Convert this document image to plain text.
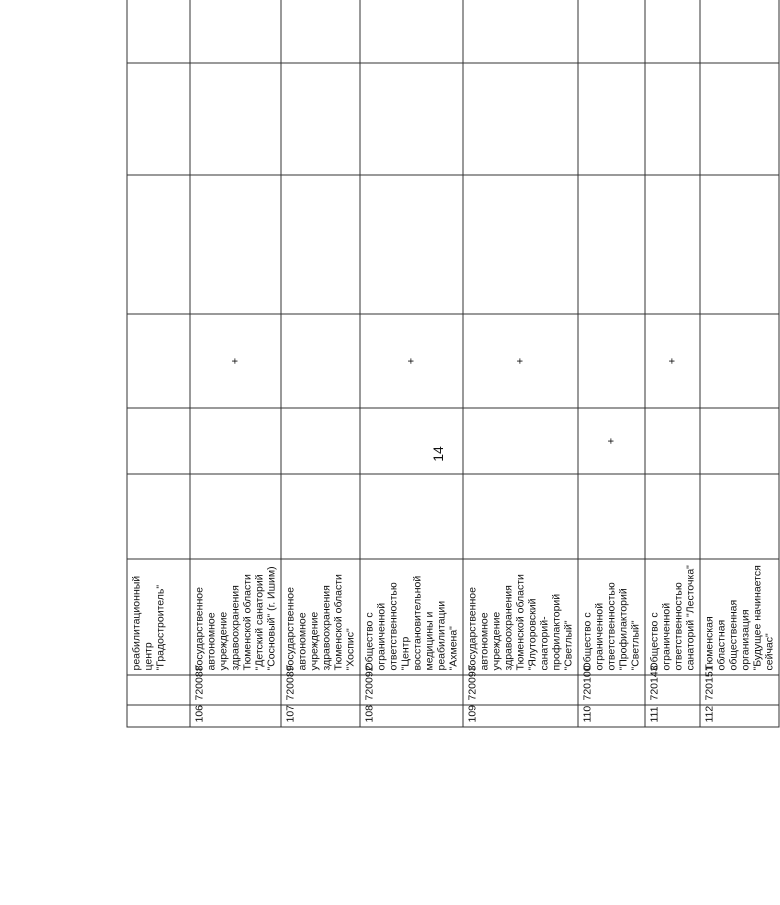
14
		реабилитационный центр "Градостроитель"								
106	720088	Государственное автономное учреждение здравоохранения Тюменской области "Детский санаторий "Сосновый" (г. Ишим)			+					
107	720089	Государственное автономное учреждение здравоохранения Тюменской области "Хоспис"								
108	720092	Общество с ограниченной ответственностью "Центр восстановительной медицины и реабилитации "Ахмена"			+					
109	720093	Государственное автономное учреждение здравоохранения Тюменской области "Ялуторовский санаторий-профилакторий "Светлый"			+					
110	720100	Общество с ограниченной ответственностью "Профилакторий "Светлый"		+						
111	720143	Общество с ограниченной ответственностью санаторий "Лесточка"			+					
112	720151	Тюменская областная общественная организация "Будущее начинается сейчас"								
